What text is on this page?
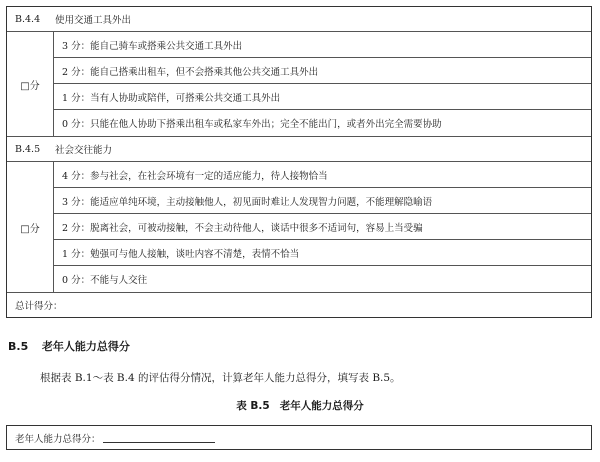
B.4.4	使用交通工具外出
□分
3 分：能自己骑车或搭乘公共交通工具外出
2 分：能自己搭乘出租车，但不会搭乘其他公共交通工具外出
1 分：当有人协助或陪伴，可搭乘公共交通工具外出
0 分：只能在他人协助下搭乘出租车或私家车外出；完全不能出门，或者外出完全需要协助
B.4.5	社会交往能力
□分
4 分：参与社会，在社会环境有一定的适应能力，待人接物恰当
3 分：能适应单纯环境，主动接触他人，初见面时难让人发现智力问题，不能理解隐喻语
2 分：脱离社会，可被动接触，不会主动待他人，谈话中很多不适词句，容易上当受骗
1 分：勉强可与他人接触，谈吐内容不清楚，表情不恰当
0 分：不能与人交往
总计得分：
B.5 老年人能力总得分
根据表 B.1～表 B.4 的评估得分情况，计算老年人能力总得分，填写表 B.5。
表 B.5 老年人能力总得分
老年人能力总得分：
